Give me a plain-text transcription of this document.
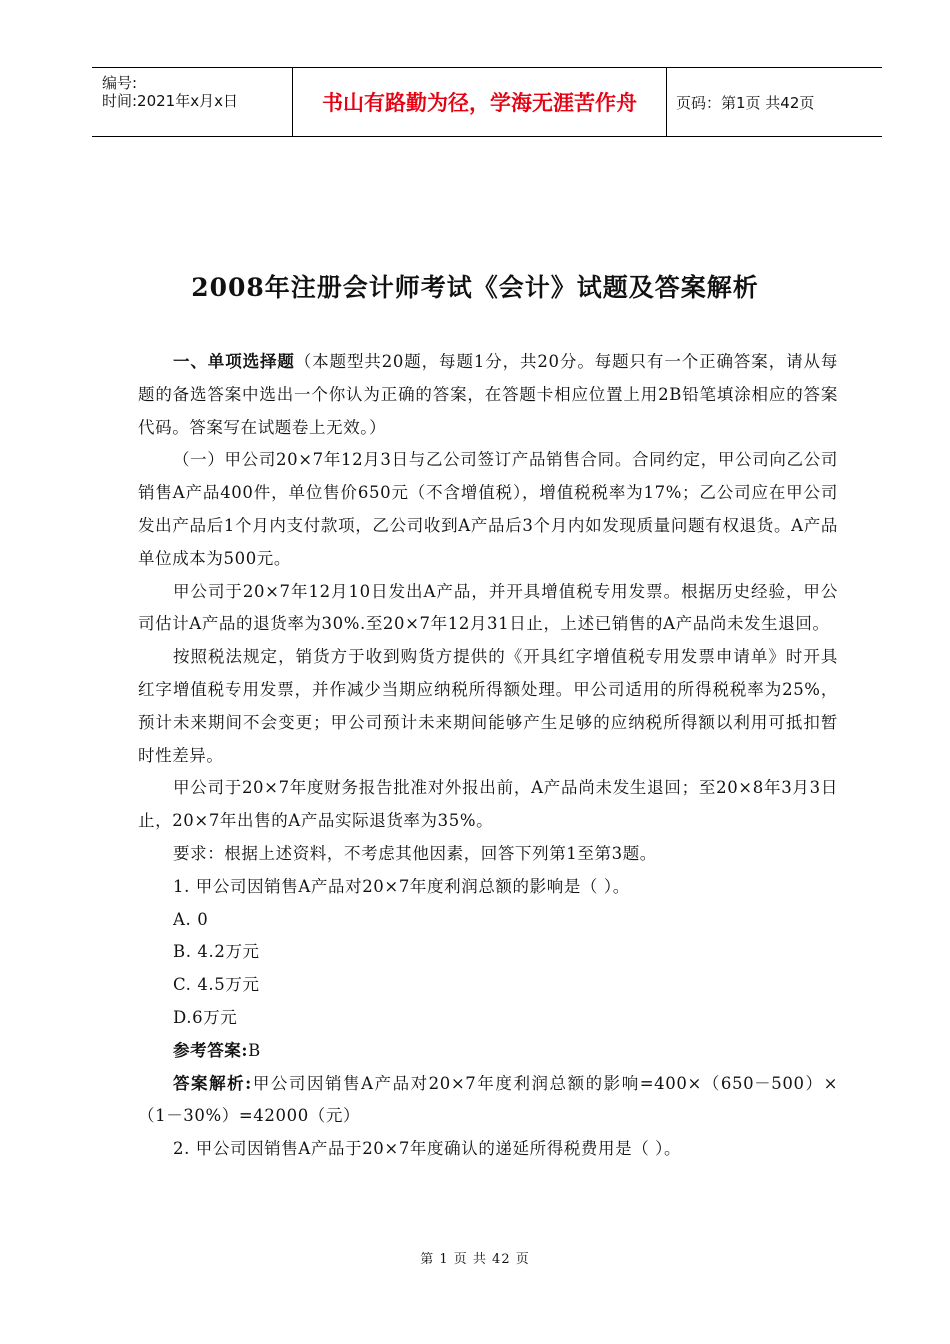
编号:
时间:2021年x月x日	书山有路勤为径，学海无涯苦作舟	页码：第1页 共42页
2008年注册会计师考试《会计》试题及答案解析

一、单项选择题（本题型共20题，每题1分，共20分。每题只有一个正确答案，请从每题的备选答案中选出一个你认为正确的答案，在答题卡相应位置上用2B铅笔填涂相应的答案代码。答案写在试题卷上无效。）

（一）甲公司20×7年12月3日与乙公司签订产品销售合同。合同约定，甲公司向乙公司销售A产品400件，单位售价650元（不含增值税），增值税税率为17%；乙公司应在甲公司发出产品后1个月内支付款项，乙公司收到A产品后3个月内如发现质量问题有权退货。A产品单位成本为500元。

甲公司于20×7年12月10日发出A产品，并开具增值税专用发票。根据历史经验，甲公司估计A产品的退货率为30%.至20×7年12月31日止，上述已销售的A产品尚未发生退回。

按照税法规定，销货方于收到购货方提供的《开具红字增值税专用发票申请单》时开具红字增值税专用发票，并作减少当期应纳税所得额处理。甲公司适用的所得税税率为25%，预计未来期间不会变更；甲公司预计未来期间能够产生足够的应纳税所得额以利用可抵扣暂时性差异。

甲公司于20×7年度财务报告批准对外报出前，A产品尚未发生退回；至20×8年3月3日止，20×7年出售的A产品实际退货率为35%。

要求：根据上述资料，不考虑其他因素，回答下列第1至第3题。

1. 甲公司因销售A产品对20×7年度利润总额的影响是（ ）。

A. 0

B. 4.2万元

C. 4.5万元

D.6万元

参考答案:B

答案解析:甲公司因销售A产品对20×7年度利润总额的影响=400×（650－500）×（1－30%）=42000（元）

2. 甲公司因销售A产品于20×7年度确认的递延所得税费用是（ ）。

第 1 页 共 42 页
